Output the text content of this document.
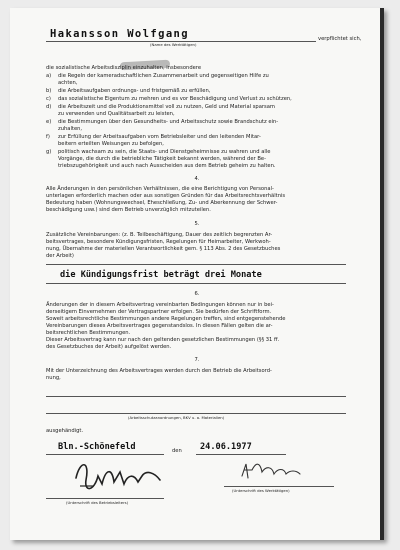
Hakansson Wolfgang	verpflichtet sich,
(Name des Werktätigen)
die sozialistische Arbeitsdisziplin einzuhalten, insbesondere
a) die Regeln der kameradschaftlichen Zusammenarbeit und gegenseitigen Hilfe zu
achten,
b) die Arbeitsaufgaben ordnungs- und fristgemäß zu erfüllen,
c) das sozialistische Eigentum zu mehren und es vor Beschädigung und Verlust zu schützen,
d) die Arbeitszeit und die Produktionsmittel voll zu nutzen, Geld und Material sparsam
zu verwenden und Qualitätsarbeit zu leisten,
e) die Bestimmungen über den Gesundheits- und Arbeitsschutz sowie Brandschutz ein-
zuhalten,
f) zur Erfüllung der Arbeitsaufgaben vom Betriebsleiter und den leitenden Mitar-
beitern erteilten Weisungen zu befolgen,
g) politisch wachsam zu sein, die Staats- und Dienstgeheimnisse zu wahren und alle
Vorgänge, die durch die betriebliche Tätigkeit bekannt werden, während der Be-
triebszugehörigkeit und auch nach Ausscheiden aus dem Betrieb geheim zu halten.
4.
Alle Änderungen in den persönlichen Verhältnissen, die eine Berichtigung von Personal-
unterlagen erforderlich machen oder aus sonstigen Gründen für das Arbeitsrechtsverhältnis
Bedeutung haben (Wohnungswechsel, Eheschließung, Zu- und Aberkennung der Schwer-
beschädigung usw.) sind dem Betrieb unverzüglich mitzuteilen.
5.
Zusätzliche Vereinbarungen: (z. B. Teilbeschäftigung, Dauer des zeitlich begrenzten Ar-
beitsvertrages, besondere Kündigungsfristen, Regelungen für Heimarbeiter, Werkwoh-
nung, Übernahme der materiellen Verantwortlichkeit gem. § 113 Abs. 2 des Gesetzbuches
der Arbeit)
die Kündigungsfrist beträgt drei Monate
6.
Änderungen der in diesem Arbeitsvertrag vereinbarten Bedingungen können nur in bei-
derseitigem Einvernehmen der Vertragspartner erfolgen. Sie bedürfen der Schriftform.
Soweit arbeitsrechtliche Bestimmungen andere Regelungen treffen, sind entgegenstehende
Vereinbarungen dieses Arbeitsvertrages gegenstandslos. In diesen Fällen gelten die ar-
beitsrechtlichen Bestimmungen.
Dieser Arbeitsvertrag kann nur nach den geltenden gesetzlichen Bestimmungen (§§ 31 ff.
des Gesetzbuches der Arbeit) aufgelöst werden.
7.
Mit der Unterzeichnung des Arbeitsvertrages werden durch den Betrieb die Arbeitsord-
nung,
(Arbeitsschutzanordnungen, BKV u. a. Materialien)
ausgehändigt.
Bln.-Schönefeld	den 24.06.1977
(Unterschrift des Betriebsleiters)
(Unterschrift des Werktätigen)
